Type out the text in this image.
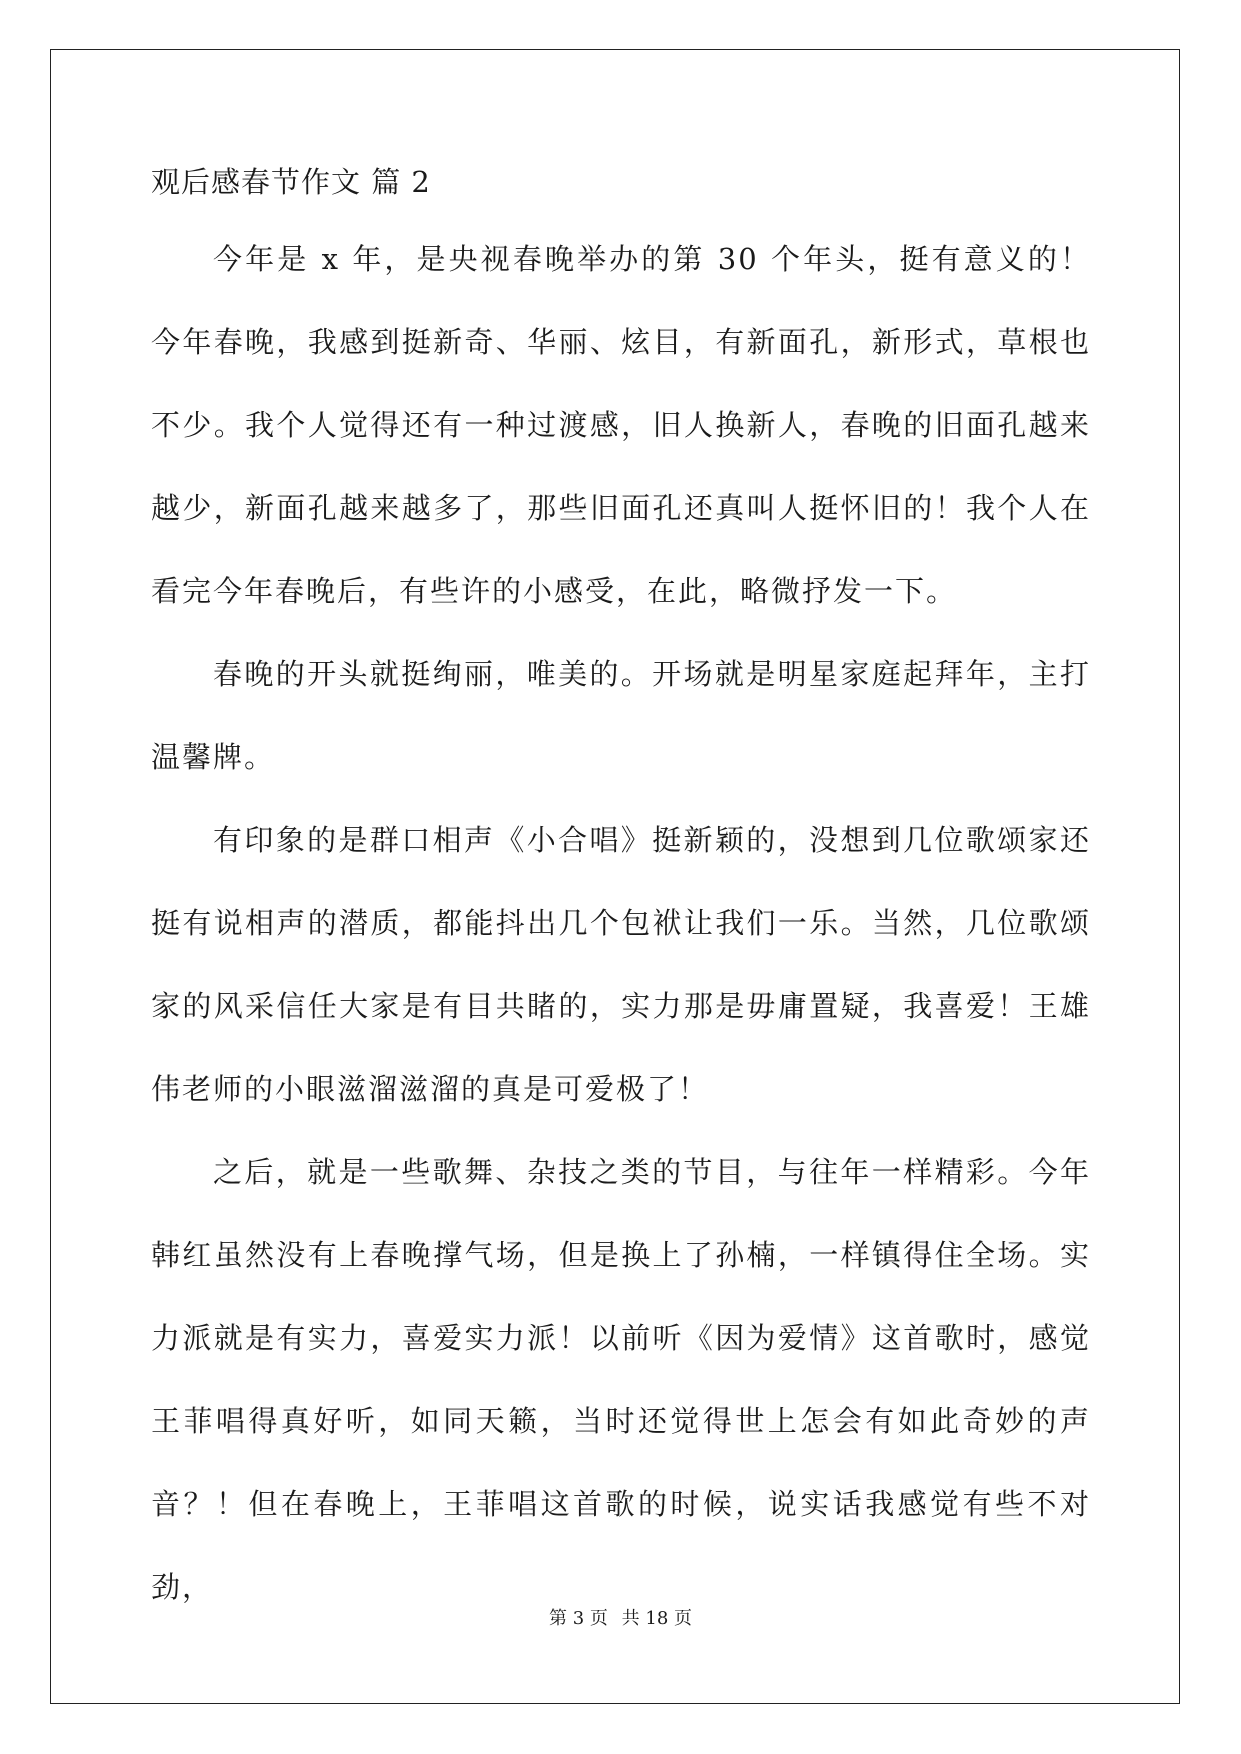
观后感春节作文 篇 2

今年是 x 年，是央视春晚举办的第 30 个年头，挺有意义的！今年春晚，我感到挺新奇、华丽、炫目，有新面孔，新形式，草根也不少。我个人觉得还有一种过渡感，旧人换新人，春晚的旧面孔越来越少，新面孔越来越多了，那些旧面孔还真叫人挺怀旧的！我个人在看完今年春晚后，有些许的小感受，在此，略微抒发一下。

春晚的开头就挺绚丽，唯美的。开场就是明星家庭起拜年，主打温馨牌。

有印象的是群口相声《小合唱》挺新颖的，没想到几位歌颂家还挺有说相声的潜质，都能抖出几个包袱让我们一乐。当然，几位歌颂家的风采信任大家是有目共睹的，实力那是毋庸置疑，我喜爱！王雄伟老师的小眼滋溜滋溜的真是可爱极了！

之后，就是一些歌舞、杂技之类的节目，与往年一样精彩。今年韩红虽然没有上春晚撑气场，但是换上了孙楠，一样镇得住全场。实力派就是有实力，喜爱实力派！以前听《因为爱情》这首歌时，感觉王菲唱得真好听，如同天籁，当时还觉得世上怎会有如此奇妙的声音？！但在春晚上，王菲唱这首歌的时候，说实话我感觉有些不对劲，

第 3 页 共 18 页
